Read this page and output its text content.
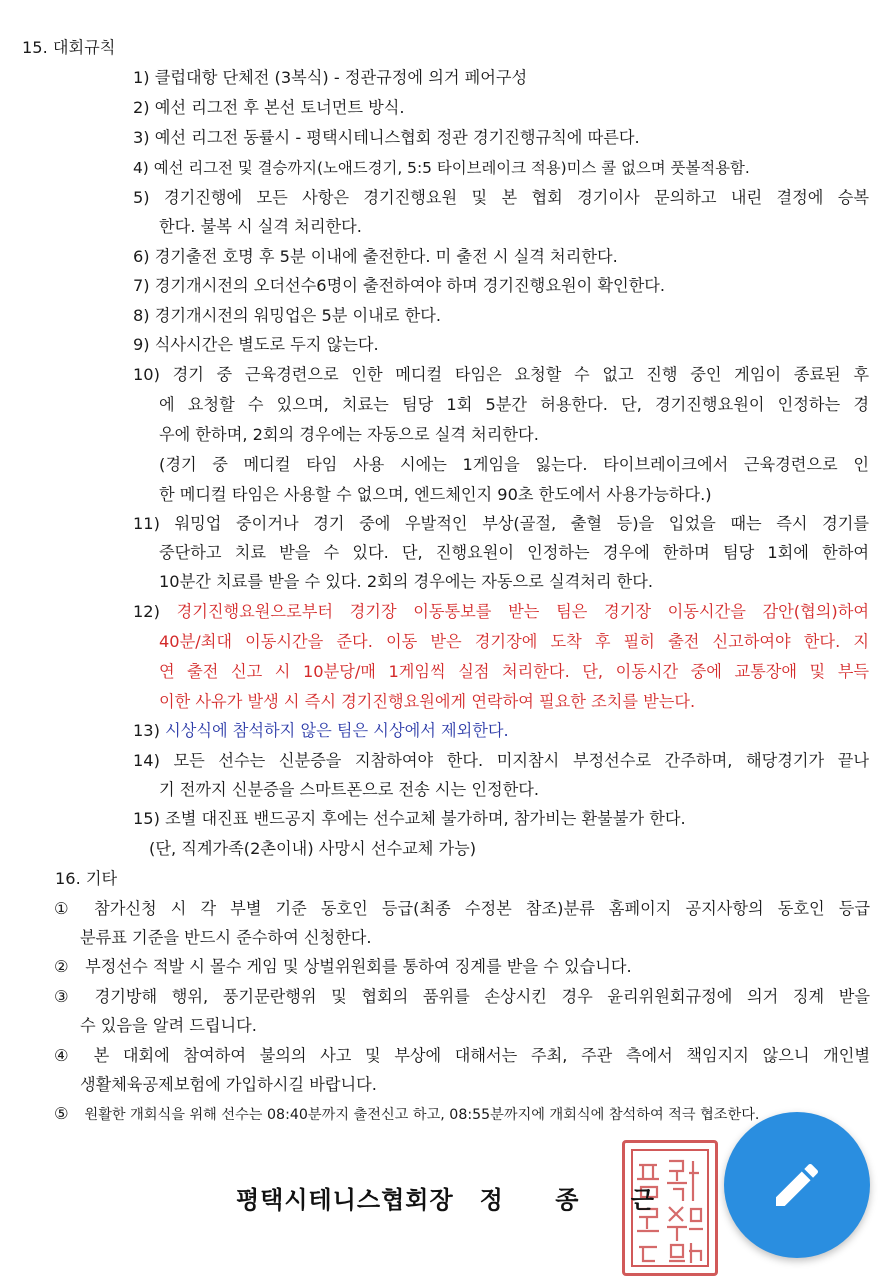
15. 대회규칙
1) 클럽대항 단체전 (3복식) - 정관규정에 의거 페어구성
2) 예선 리그전 후 본선 토너먼트 방식.
3) 예선 리그전 동률시 - 평택시테니스협회 정관 경기진행규칙에 따른다.
4) 예선 리그전 및 결승까지(노애드경기, 5:5 타이브레이크 적용)미스 콜 없으며 풋볼적용함.
5) 경기진행에 모든 사항은 경기진행요원 및 본 협회 경기이사 문의하고 내린 결정에 승복
한다. 불복 시 실격 처리한다.
6) 경기출전 호명 후 5분 이내에 출전한다. 미 출전 시 실격 처리한다.
7) 경기개시전의 오더선수6명이 출전하여야 하며 경기진행요원이 확인한다.
8) 경기개시전의 워밍업은 5분 이내로 한다.
9) 식사시간은 별도로 두지 않는다.
10) 경기 중 근육경련으로 인한 메디컬 타임은 요청할 수 없고 진행 중인 게임이 종료된 후
에 요청할 수 있으며, 치료는 팀당 1회 5분간 허용한다. 단, 경기진행요원이 인정하는 경
우에 한하며, 2회의 경우에는 자동으로 실격 처리한다.
(경기 중 메디컬 타임 사용 시에는 1게임을 잃는다. 타이브레이크에서 근육경련으로 인
한 메디컬 타임은 사용할 수 없으며, 엔드체인지 90초 한도에서 사용가능하다.)
11) 워밍업 중이거나 경기 중에 우발적인 부상(골절, 출혈 등)을 입었을 때는 즉시 경기를
중단하고 치료 받을 수 있다. 단, 진행요원이 인정하는 경우에 한하며 팀당 1회에 한하여
10분간 치료를 받을 수 있다. 2회의 경우에는 자동으로 실격처리 한다.
12) 경기진행요원으로부터 경기장 이동통보를 받는 팀은 경기장 이동시간을 감안(협의)하여
40분/최대 이동시간을 준다. 이동 받은 경기장에 도착 후 필히 출전 신고하여야 한다. 지
연 출전 신고 시 10분당/매 1게임씩 실점 처리한다. 단, 이동시간 중에 교통장애 및 부득
이한 사유가 발생 시 즉시 경기진행요원에게 연락하여 필요한 조치를 받는다.
13) 시상식에 참석하지 않은 팀은 시상에서 제외한다.
14) 모든 선수는 신분증을 지참하여야 한다. 미지참시 부정선수로 간주하며, 해당경기가 끝나
기 전까지 신분증을 스마트폰으로 전송 시는 인정한다.
15) 조별 대진표 밴드공지 후에는 선수교체 불가하며, 참가비는 환불불가 한다.
(단, 직계가족(2촌이내) 사망시 선수교체 가능)
16. 기타
① 참가신청 시 각 부별 기준 동호인 등급(최종 수정본 참조)분류 홈페이지 공지사항의 동호인 등급
분류표 기준을 반드시 준수하여 신청한다.
② 부정선수 적발 시 몰수 게임 및 상벌위원회를 통하여 징계를 받을 수 있습니다.
③ 경기방해 행위, 풍기문란행위 및 협회의 품위를 손상시킨 경우 윤리위원회규정에 의거 징계 받을
수 있음을 알려 드립니다.
④ 본 대회에 참여하여 불의의 사고 및 부상에 대해서는 주최, 주관 측에서 책임지지 않으니 개인별
생활체육공제보험에 가입하시길 바랍니다.
⑤ 원활한 개회식을 위해 선수는 08:40분까지 출전신고 하고, 08:55분까지에 개회식에 참석하여 적극 협조한다.
평택시테니스협회장 정 종 근
